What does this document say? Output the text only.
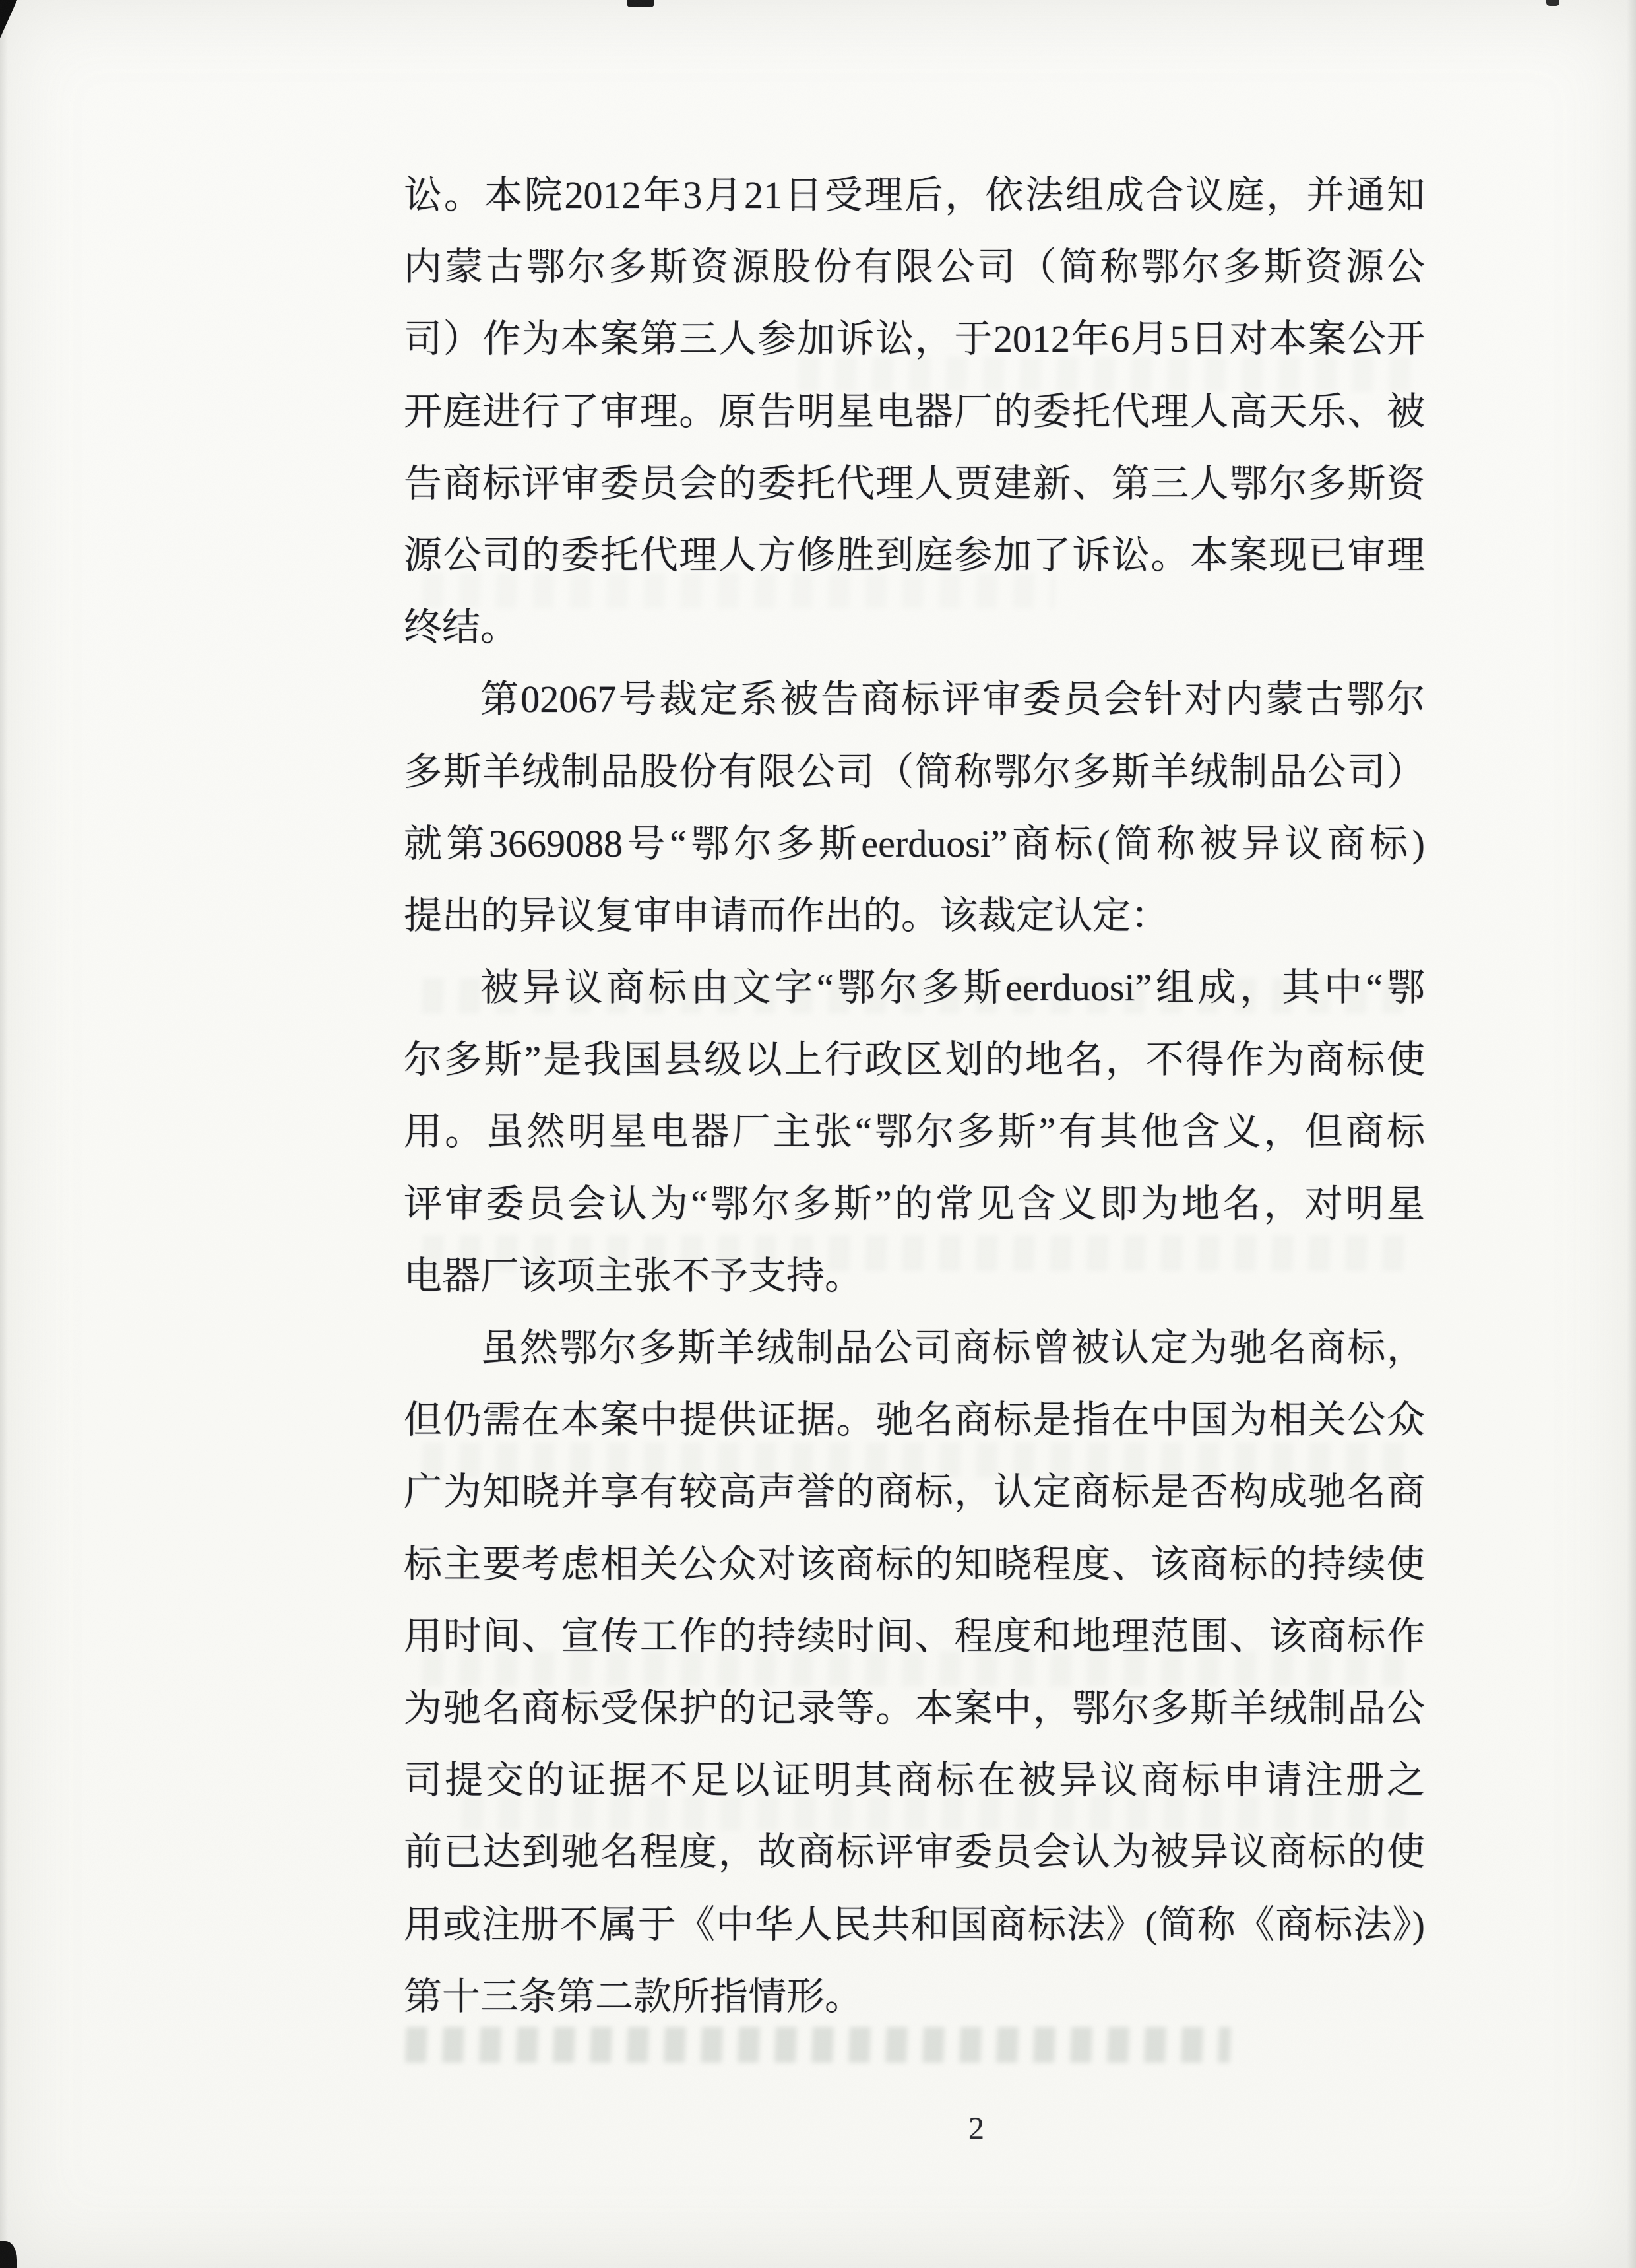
讼。本院2012年3月21日受理后，依法组成合议庭，并通知
内蒙古鄂尔多斯资源股份有限公司（简称鄂尔多斯资源公
司）作为本案第三人参加诉讼，于2012年6月5日对本案公开
开庭进行了审理。原告明星电器厂的委托代理人高天乐、被
告商标评审委员会的委托代理人贾建新、第三人鄂尔多斯资
源公司的委托代理人方修胜到庭参加了诉讼。本案现已审理
终结。
第02067号裁定系被告商标评审委员会针对内蒙古鄂尔
多斯羊绒制品股份有限公司（简称鄂尔多斯羊绒制品公司）
就第3669088号“鄂尔多斯eerduosi”商标(简称被异议商标)
提出的异议复审申请而作出的。该裁定认定：
被异议商标由文字“鄂尔多斯eerduosi”组成，其中“鄂
尔多斯”是我国县级以上行政区划的地名，不得作为商标使
用。虽然明星电器厂主张“鄂尔多斯”有其他含义，但商标
评审委员会认为“鄂尔多斯”的常见含义即为地名，对明星
电器厂该项主张不予支持。
虽然鄂尔多斯羊绒制品公司商标曾被认定为驰名商标，
但仍需在本案中提供证据。驰名商标是指在中国为相关公众
广为知晓并享有较高声誉的商标，认定商标是否构成驰名商
标主要考虑相关公众对该商标的知晓程度、该商标的持续使
用时间、宣传工作的持续时间、程度和地理范围、该商标作
为驰名商标受保护的记录等。本案中，鄂尔多斯羊绒制品公
司提交的证据不足以证明其商标在被异议商标申请注册之
前已达到驰名程度，故商标评审委员会认为被异议商标的使
用或注册不属于《中华人民共和国商标法》(简称《商标法》)
第十三条第二款所指情形。
2
